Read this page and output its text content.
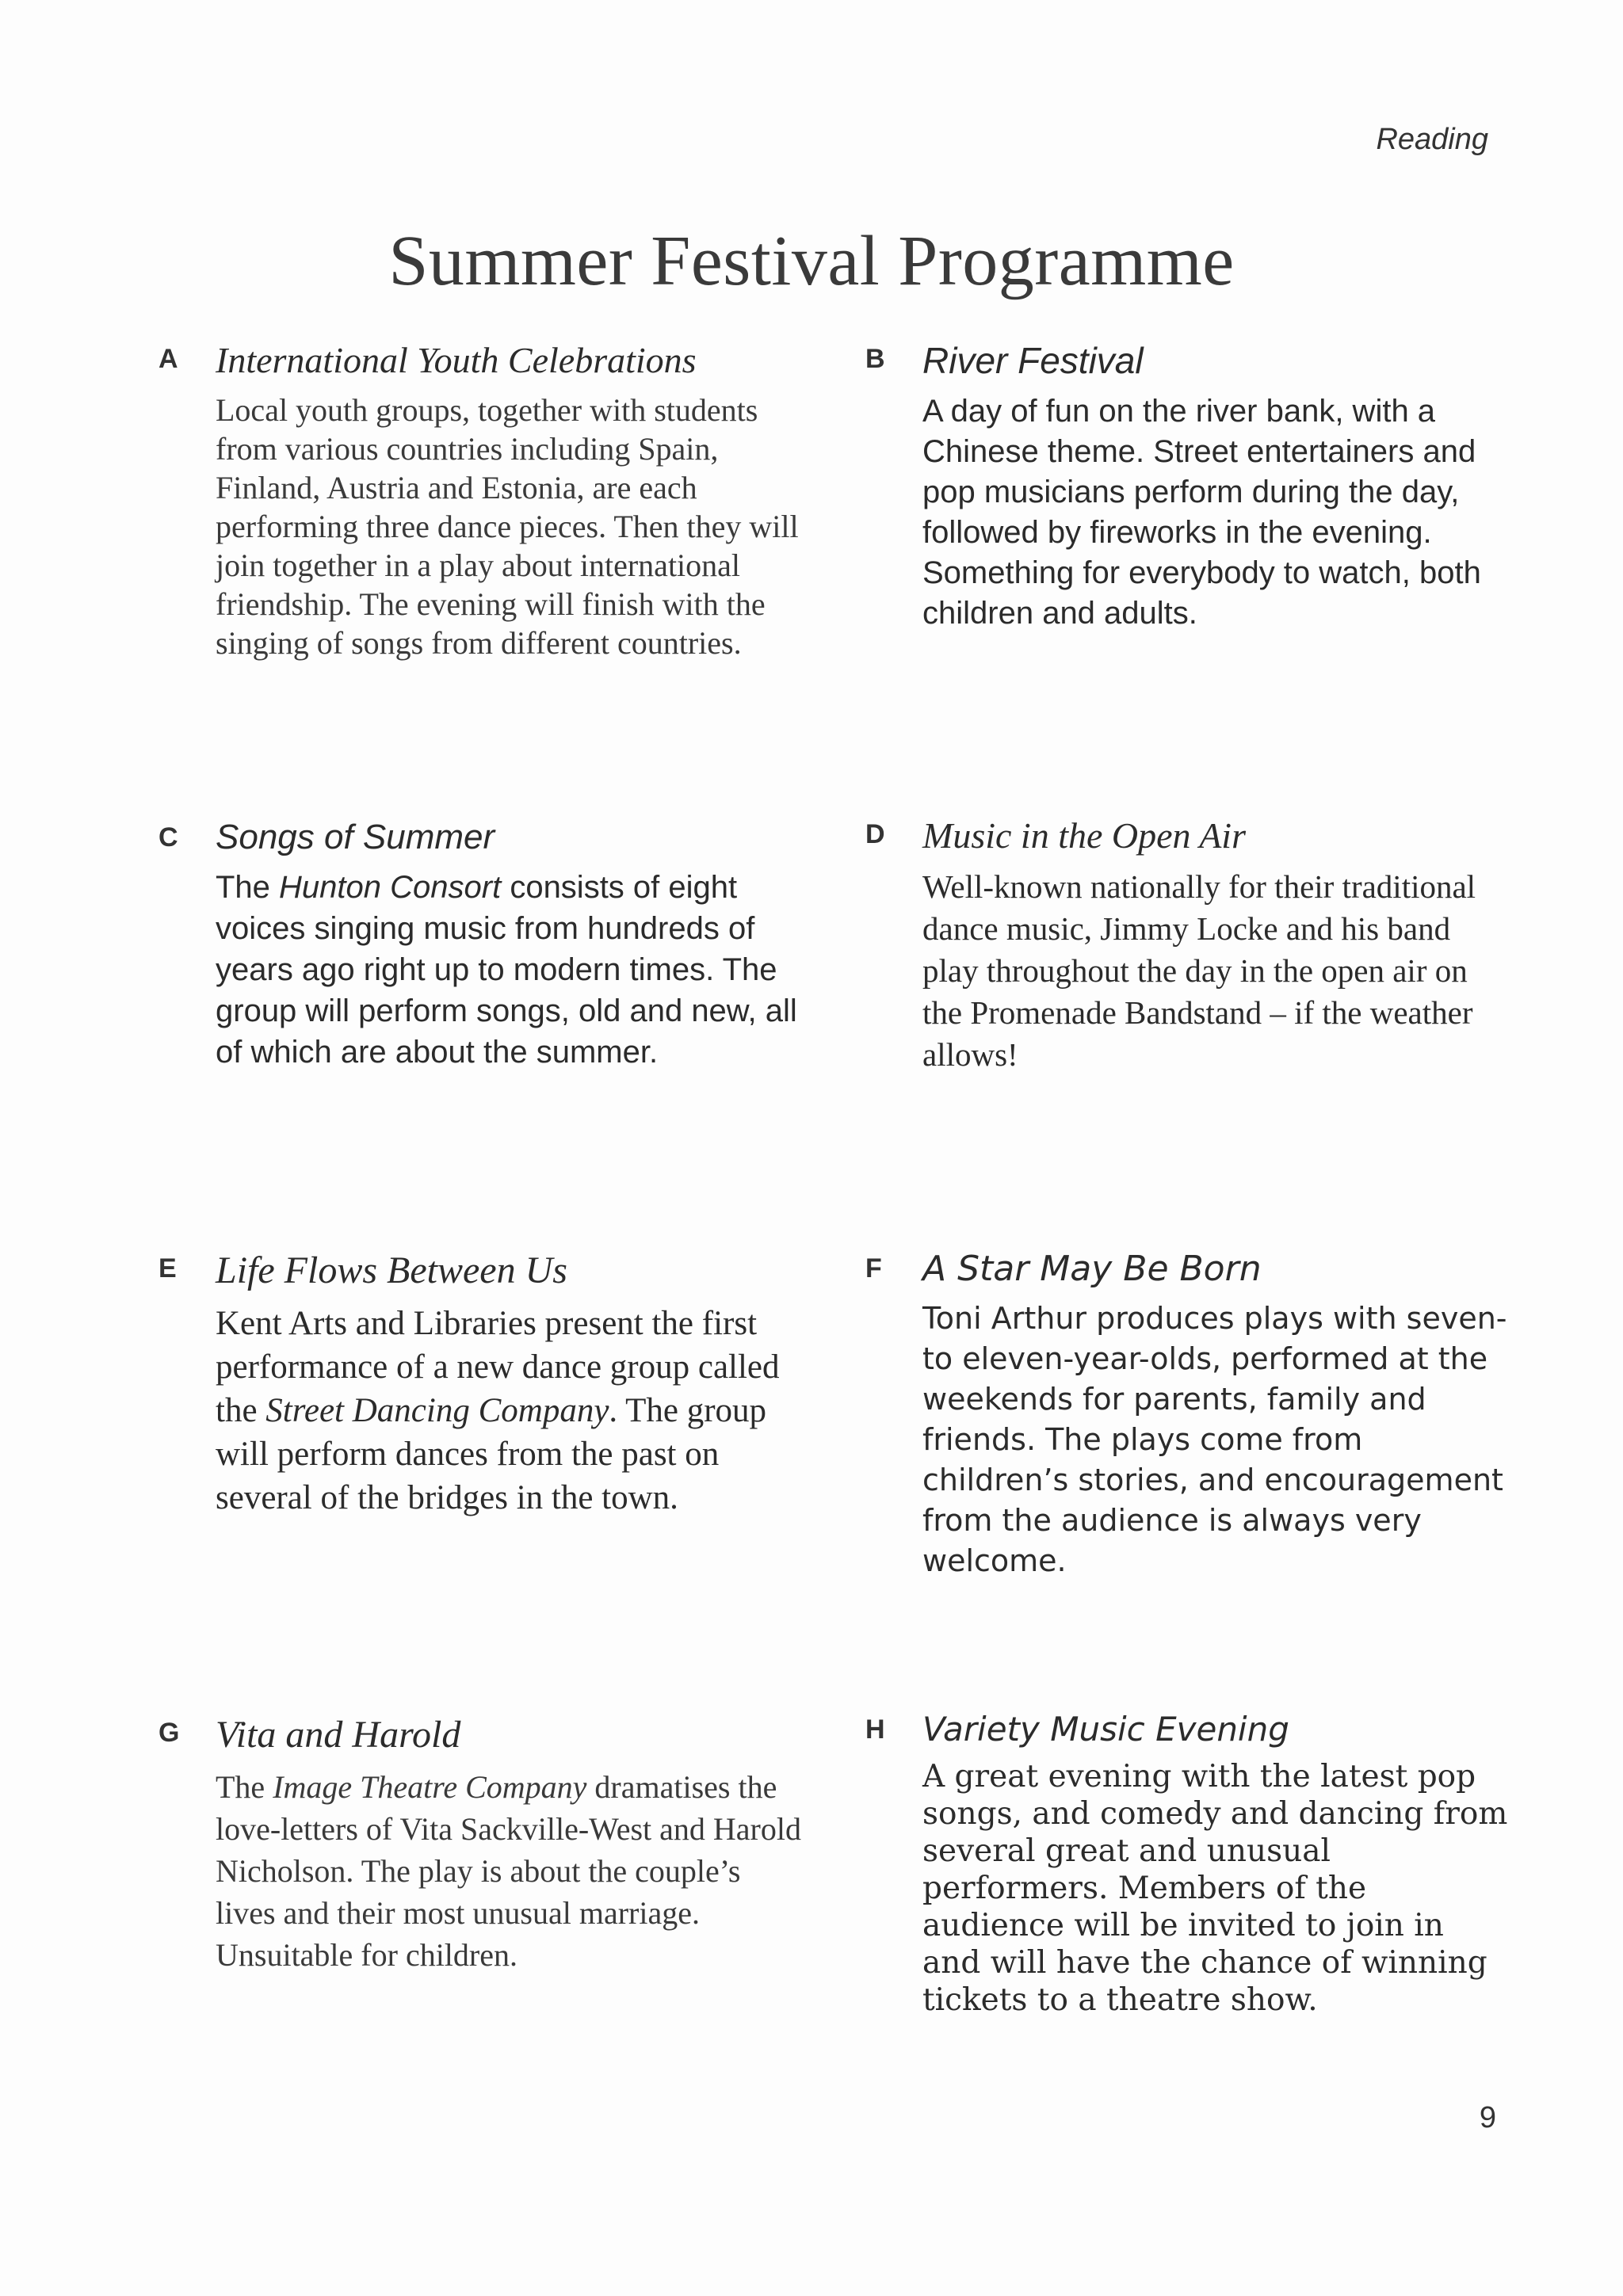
Reading
Summer Festival Programme
A International Youth Celebrations

Local youth groups, together with students from various countries including Spain, Finland, Austria and Estonia, are each performing three dance pieces. Then they will join together in a play about international friendship. The evening will finish with the singing of songs from different countries.

B River Festival

A day of fun on the river bank, with a Chinese theme. Street entertainers and pop musicians perform during the day, followed by fireworks in the evening. Something for everybody to watch, both children and adults.

C Songs of Summer

The Hunton Consort consists of eight voices singing music from hundreds of years ago right up to modern times. The group will perform songs, old and new, all of which are about the summer.

D Music in the Open Air

Well-known nationally for their traditional dance music, Jimmy Locke and his band play throughout the day in the open air on the Promenade Bandstand – if the weather allows!

E Life Flows Between Us

Kent Arts and Libraries present the first performance of a new dance group called the Street Dancing Company. The group will perform dances from the past on several of the bridges in the town.

F A Star May Be Born

Toni Arthur produces plays with seven- to eleven-year-olds, performed at the weekends for parents, family and friends. The plays come from children’s stories, and encouragement from the audience is always very welcome.

G Vita and Harold

The Image Theatre Company dramatises the love-letters of Vita Sackville-West and Harold Nicholson. The play is about the couple’s lives and their most unusual marriage. Unsuitable for children.

H Variety Music Evening

A great evening with the latest pop songs, and comedy and dancing from several great and unusual performers. Members of the audience will be invited to join in and will have the chance of winning tickets to a theatre show.

9
